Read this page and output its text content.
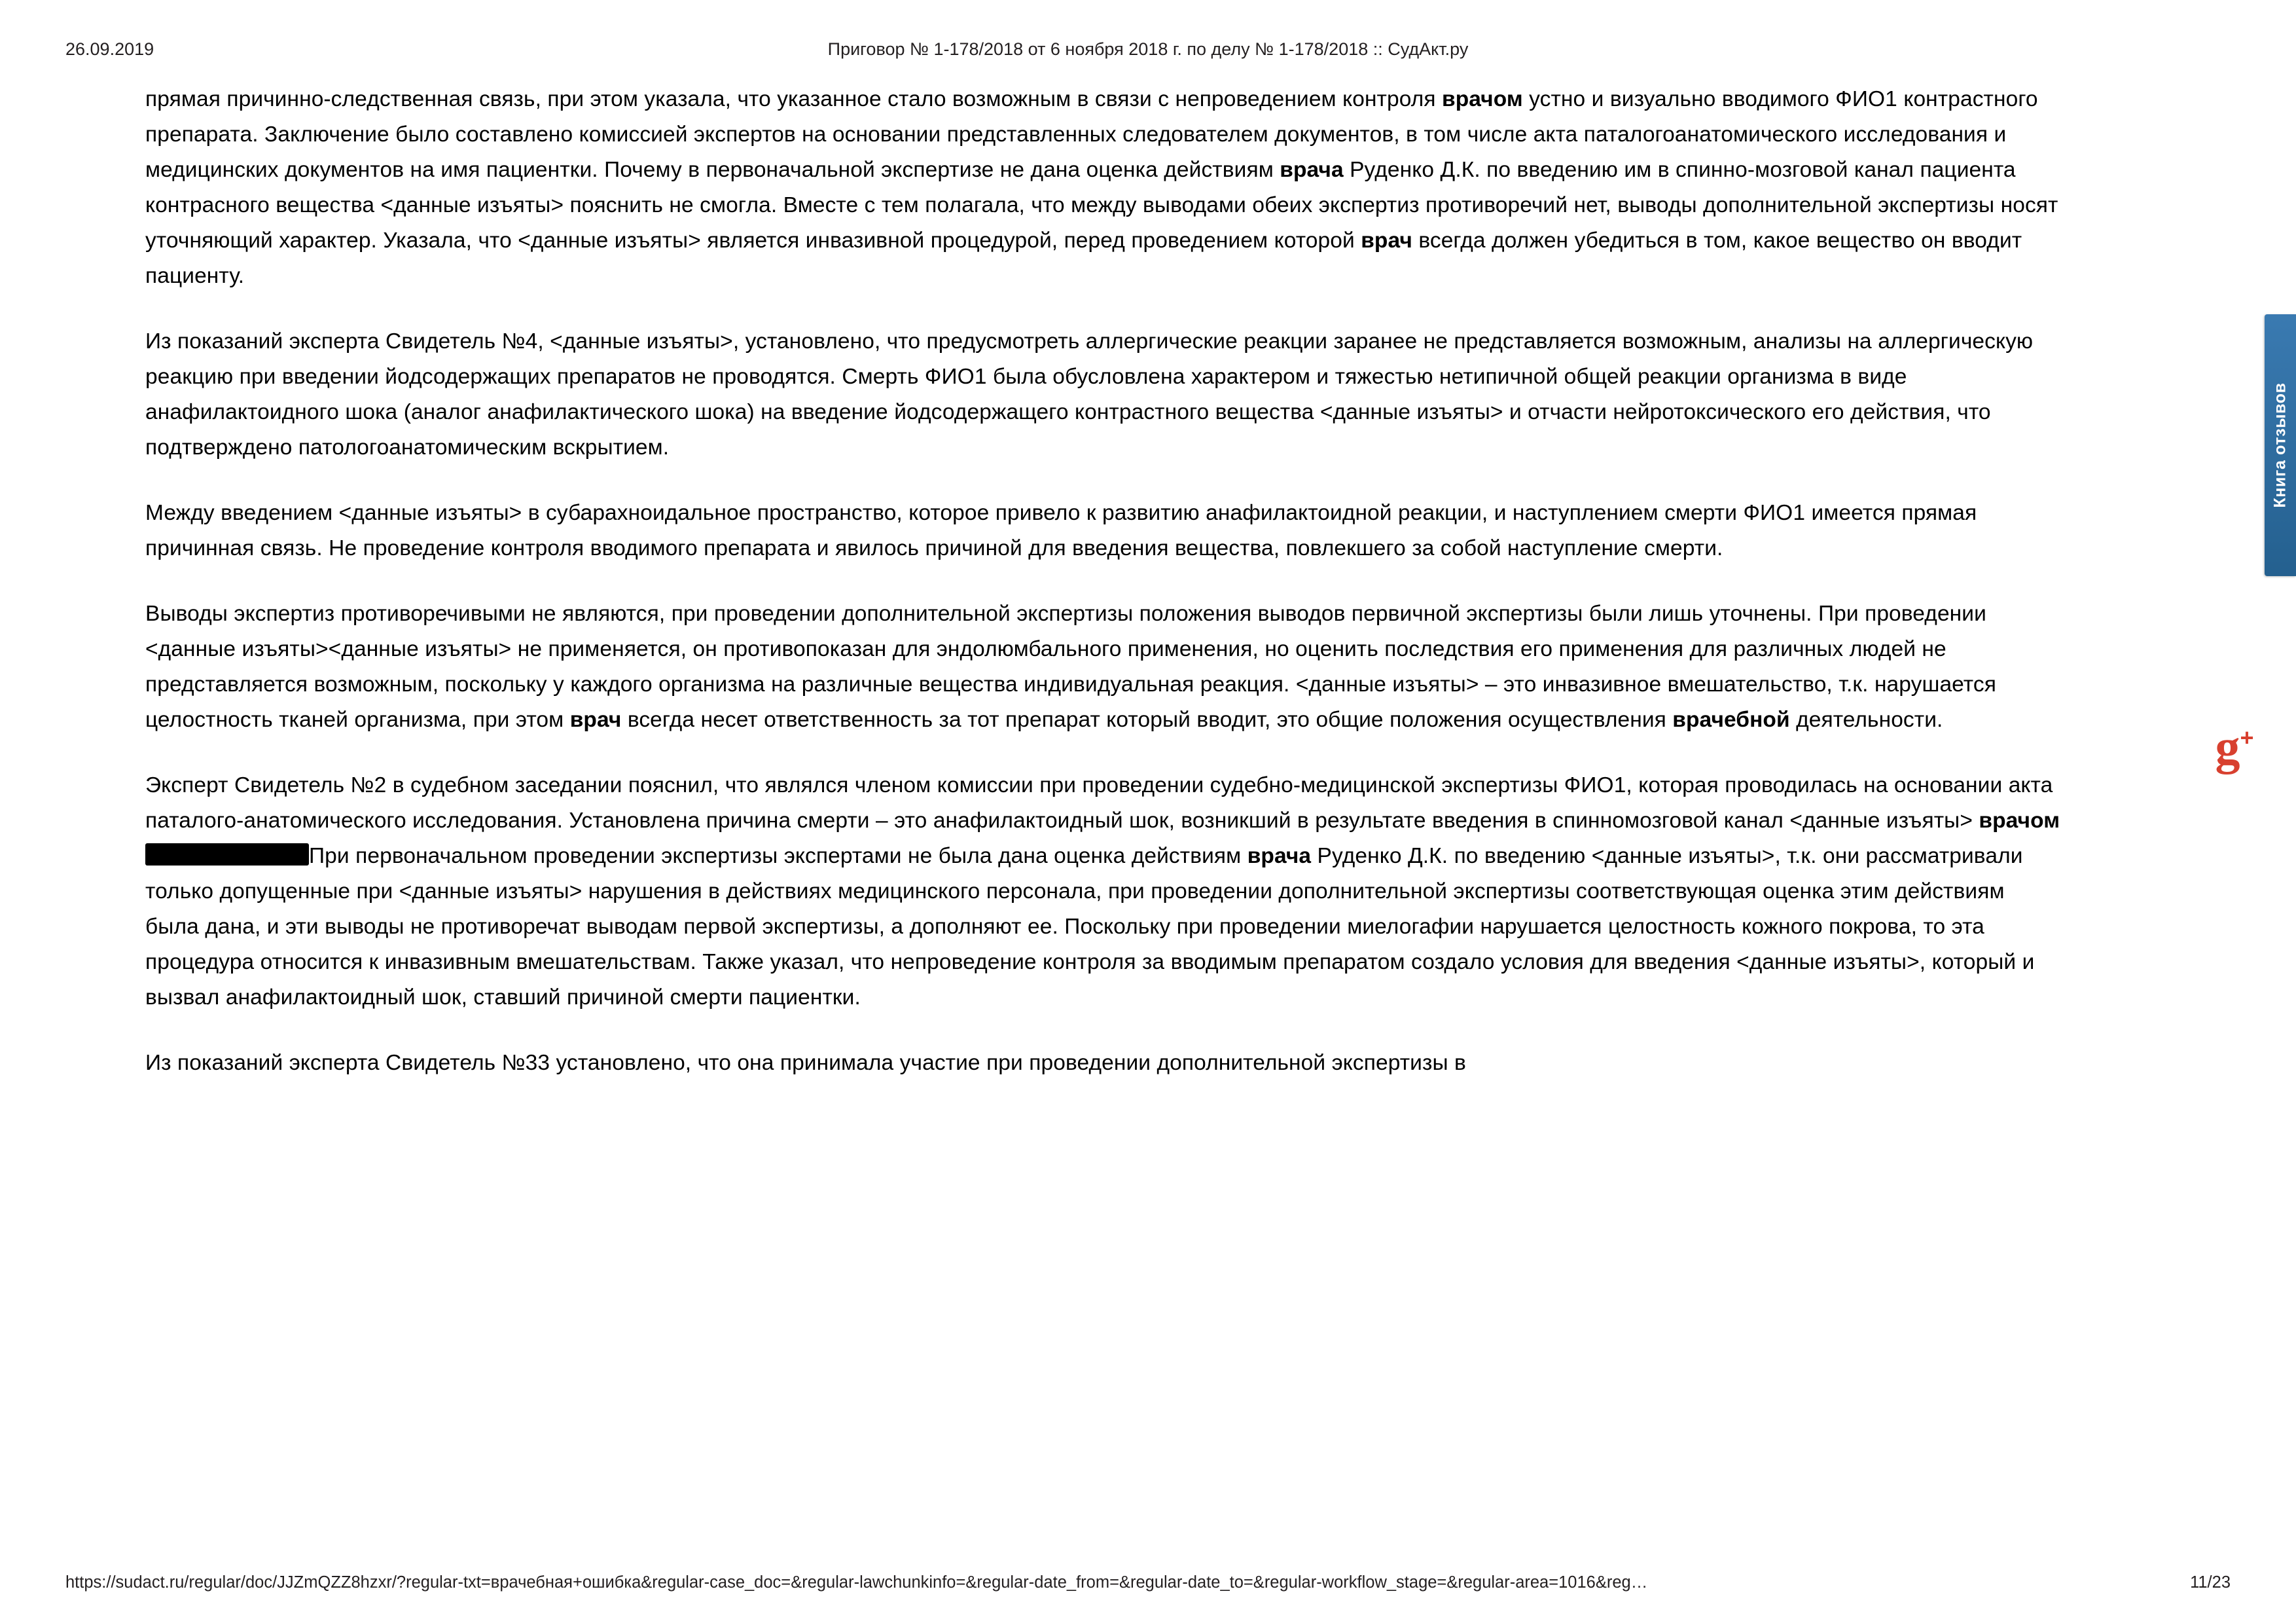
26.09.2019	Приговор № 1-178/2018 от 6 ноября 2018 г. по делу № 1-178/2018 :: СудАкт.ру
прямая причинно-следственная связь, при этом указала, что указанное стало возможным в связи с непроведением контроля врачом устно и визуально вводимого ФИО1 контрастного препарата. Заключение было составлено комиссией экспертов на основании представленных следователем документов, в том числе акта паталогоанатомического исследования и медицинских документов на имя пациентки. Почему в первоначальной экспертизе не дана оценка действиям врача Руденко Д.К. по введению им в спинно-мозговой канал пациента контрасного вещества <данные изъяты> пояснить не смогла. Вместе с тем полагала, что между выводами обеих экспертиз противоречий нет, выводы дополнительной экспертизы носят уточняющий характер. Указала, что <данные изъяты> является инвазивной процедурой, перед проведением которой врач всегда должен убедиться в том, какое вещество он вводит пациенту.
Из показаний эксперта Свидетель №4, <данные изъяты>, установлено, что предусмотреть аллергические реакции заранее не представляется возможным, анализы на аллергическую реакцию при введении йодсодержащих препаратов не проводятся. Смерть ФИО1 была обусловлена характером и тяжестью нетипичной общей реакции организма в виде анафилактоидного шока (аналог анафилактического шока) на введение йодсодержащего контрастного вещества <данные изъяты> и отчасти нейротоксического его действия, что подтверждено патологоанатомическим вскрытием.
Между введением <данные изъяты> в субарахноидальное пространство, которое привело к развитию анафилактоидной реакции, и наступлением смерти ФИО1 имеется прямая причинная связь. Не проведение контроля вводимого препарата и явилось причиной для введения вещества, повлекшего за собой наступление смерти.
Выводы экспертиз противоречивыми не являются, при проведении дополнительной экспертизы положения выводов первичной экспертизы были лишь уточнены. При проведении <данные изъяты><данные изъяты> не применяется, он противопоказан для эндолюмбального применения, но оценить последствия его применения для различных людей не представляется возможным, поскольку у каждого организма на различные вещества индивидуальная реакция. <данные изъяты> – это инвазивное вмешательство, т.к. нарушается целостность тканей организма, при этом врач всегда несет ответственность за тот препарат который вводит, это общие положения осуществления врачебной деятельности.
Эксперт Свидетель №2 в судебном заседании пояснил, что являлся членом комиссии при проведении судебно-медицинской экспертизы ФИО1, которая проводилась на основании акта паталого-анатомического исследования. Установлена причина смерти – это анафилактоидный шок, возникший в результате введения в спинномозговой канал <данные изъяты> врачомПри первоначальном проведении экспертизы экспертами не была дана оценка действиям врача Руденко Д.К. по введению <данные изъяты>, т.к. они рассматривали только допущенные при <данные изъяты> нарушения в действиях медицинского персонала, при проведении дополнительной экспертизы соответствующая оценка этим действиям была дана, и эти выводы не противоречат выводам первой экспертизы, а дополняют ее. Поскольку при проведении миелогафии нарушается целостность кожного покрова, то эта процедура относится к инвазивным вмешательствам. Также указал, что непроведение контроля за вводимым препаратом создало условия для введения <данные изъяты>, который и вызвал анафилактоидный шок, ставший причиной смерти пациентки.
Из показаний эксперта Свидетель №33 установлено, что она принимала участие при проведении дополнительной экспертизы в
Книга отзывов
g +
https://sudact.ru/regular/doc/JJZmQZZ8hzxr/?regular-txt=врачебная+ошибка&regular-case_doc=&regular-lawchunkinfo=&regular-date_from=&regular-date_to=&regular-workflow_stage=&regular-area=1016&reg…	11/23
